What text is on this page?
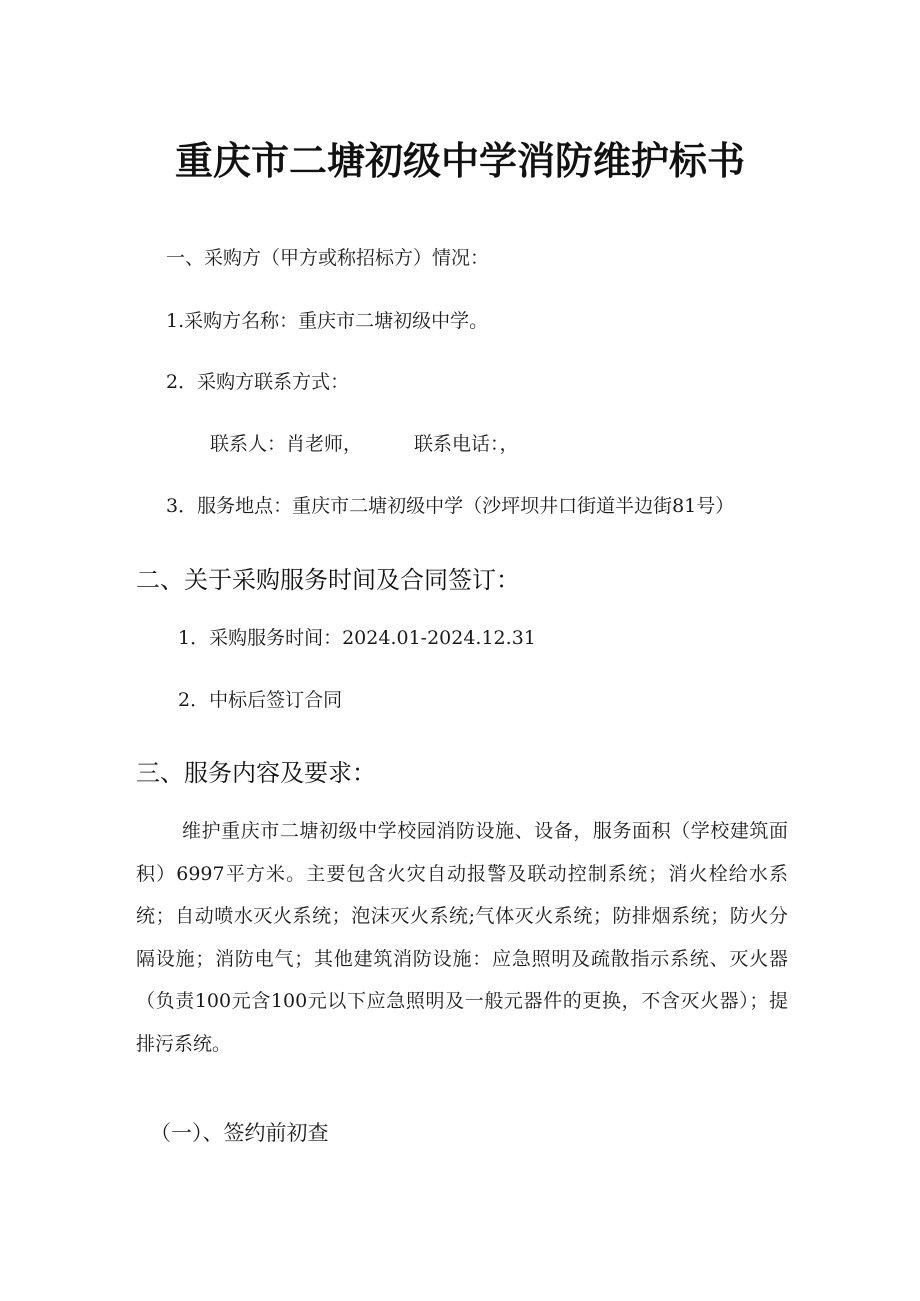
重庆市二塘初级中学消防维护标书
一、采购方（甲方或称招标方）情况：
1.采购方名称：重庆市二塘初级中学。
2．采购方联系方式：
联系人：肖老师，	联系电话：，
3．服务地点：重庆市二塘初级中学（沙坪坝井口街道半边街81号）
二、关于采购服务时间及合同签订：
1．采购服务时间：2024.01-2024.12.31
2．中标后签订合同
三、服务内容及要求：
维护重庆市二塘初级中学校园消防设施、设备，服务面积（学校建筑面积）6997平方米。主要包含火灾自动报警及联动控制系统；消火栓给水系统；自动喷水灭火系统；泡沫灭火系统;气体灭火系统；防排烟系统；防火分隔设施；消防电气；其他建筑消防设施：应急照明及疏散指示系统、灭火器（负责100元含100元以下应急照明及一般元器件的更换，不含灭火器）；提排污系统。
（一）、签约前初查
